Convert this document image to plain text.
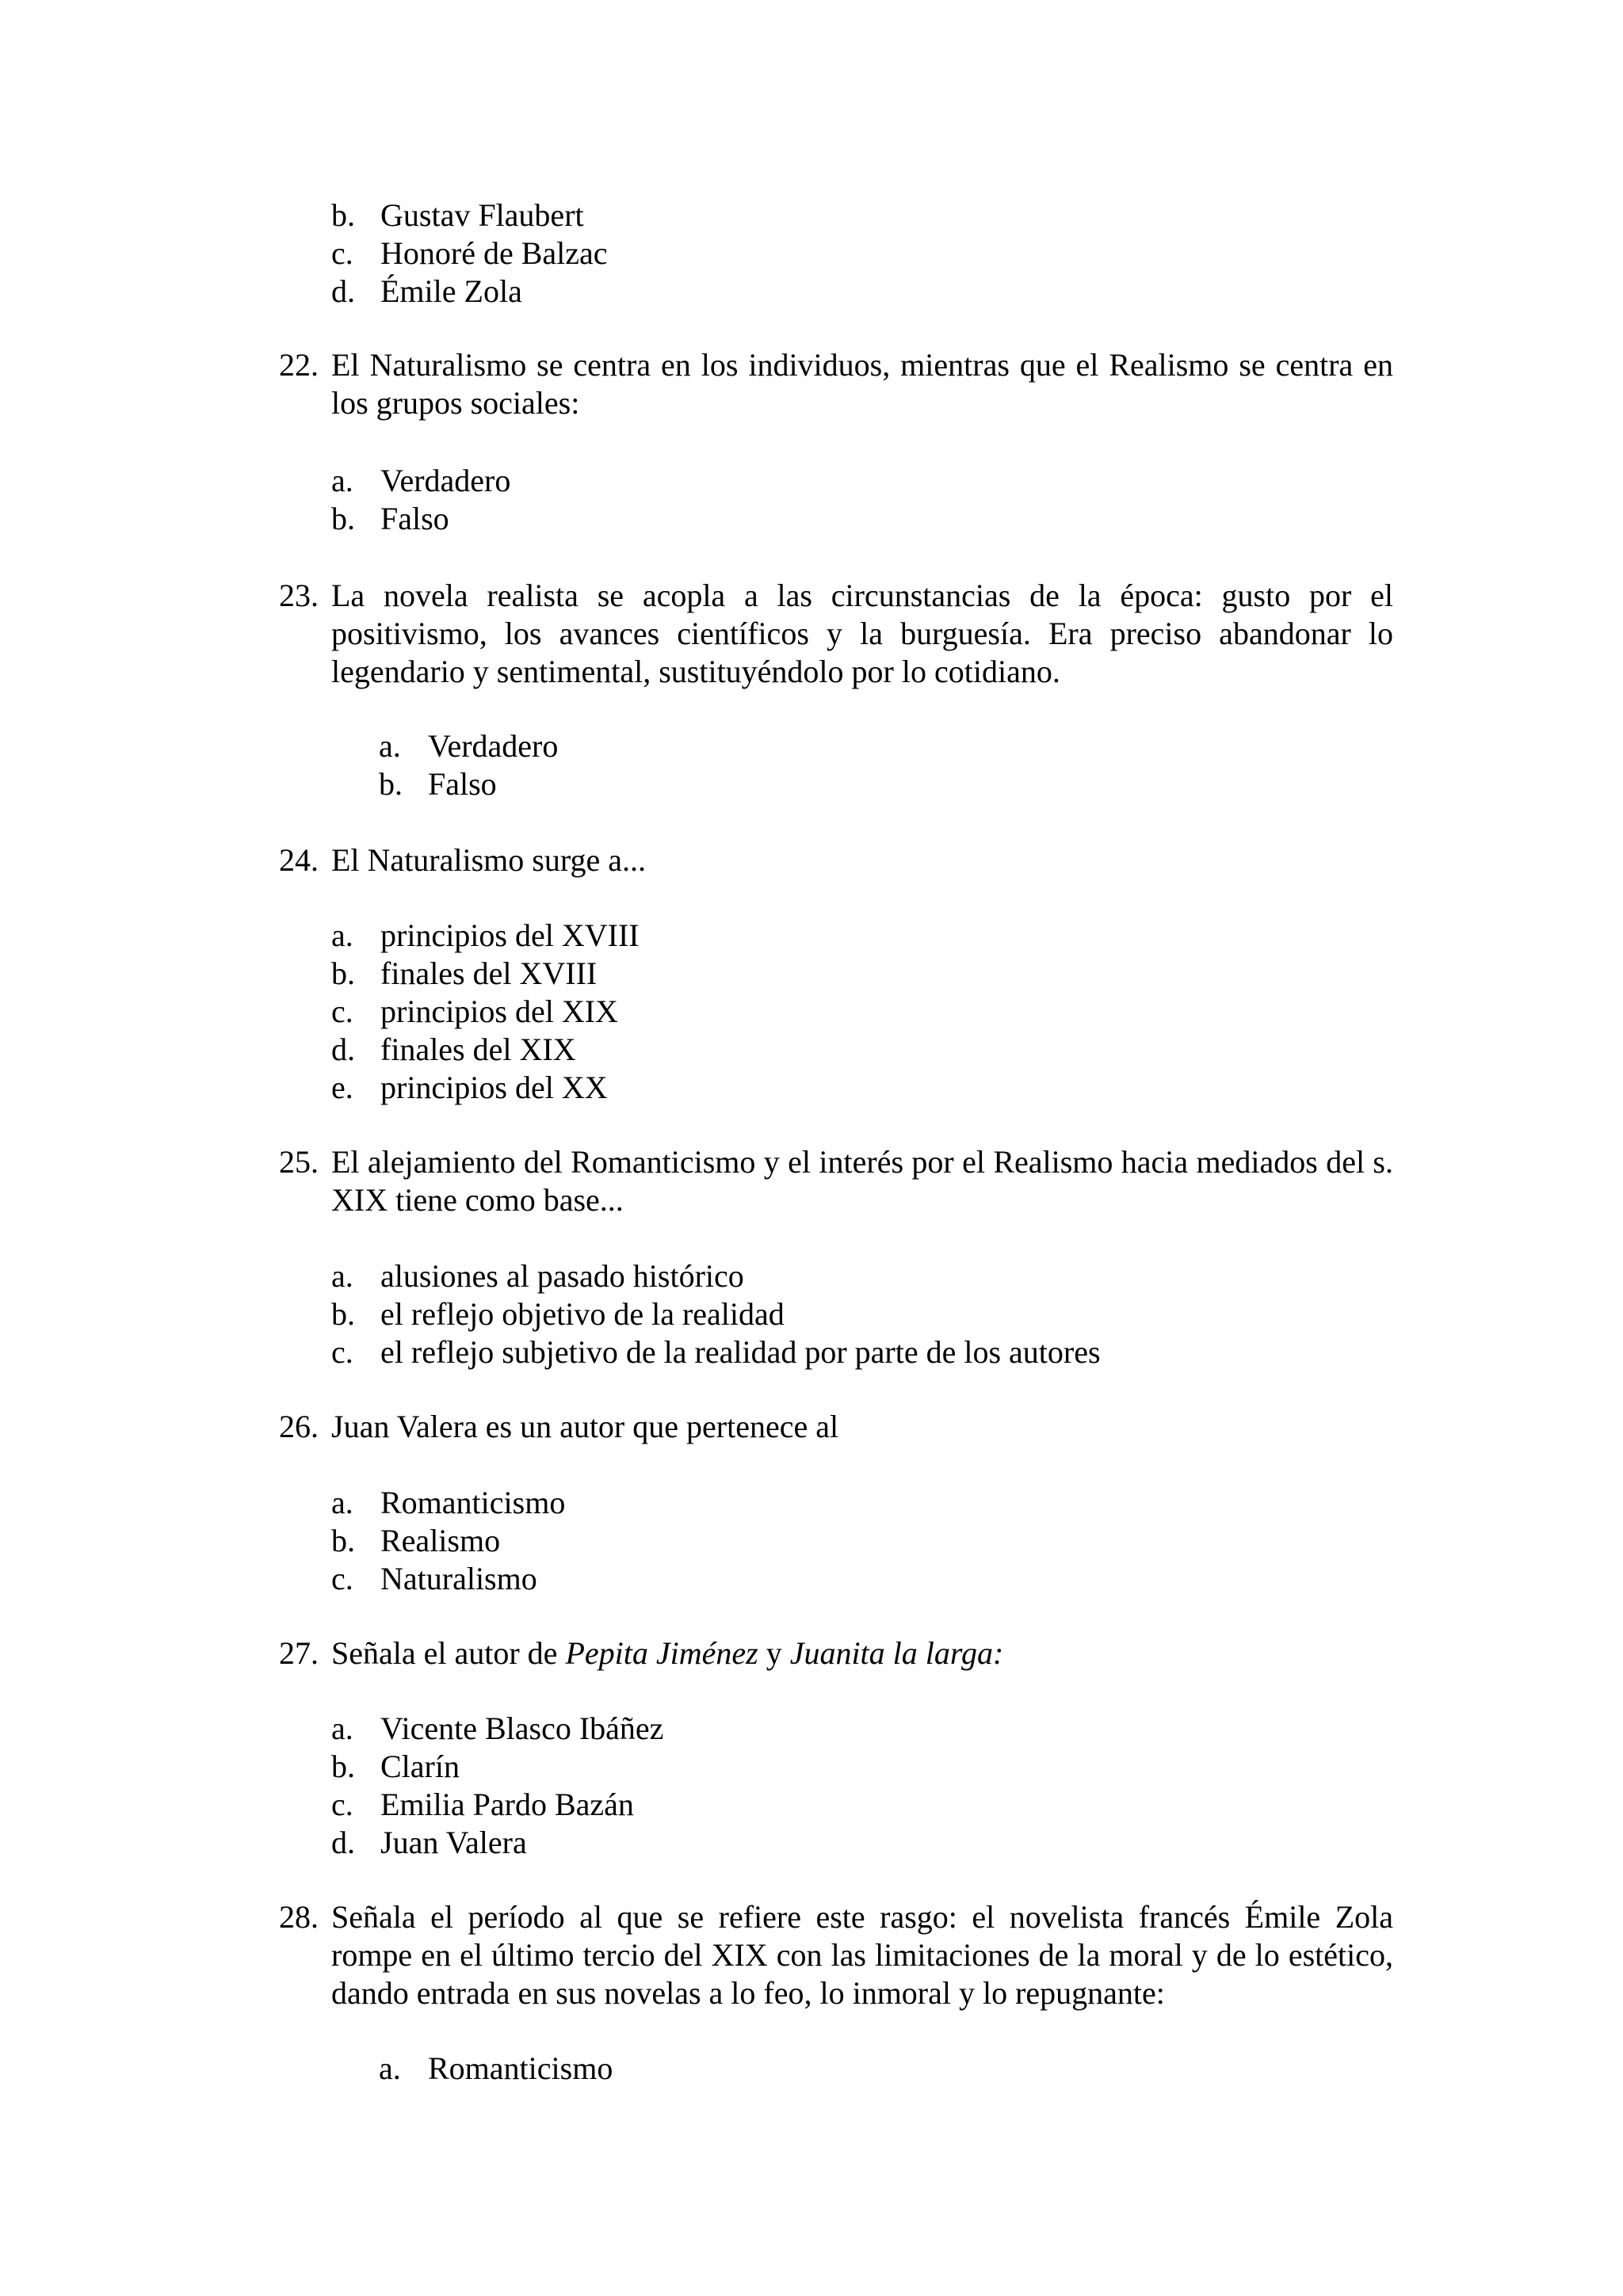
b. Gustav Flaubert
c. Honoré de Balzac
d. Émile Zola
22. El Naturalismo se centra en los individuos, mientras que el Realismo se centra en los grupos sociales:
a. Verdadero
b. Falso
23. La novela realista se acopla a las circunstancias de la época: gusto por el positivismo, los avances científicos y la burguesía. Era preciso abandonar lo legendario y sentimental, sustituyéndolo por lo cotidiano.
a. Verdadero
b. Falso
24. El Naturalismo surge a...
a. principios del XVIII
b. finales del XVIII
c. principios del XIX
d. finales del XIX
e. principios del XX
25. El alejamiento del Romanticismo y el interés por el Realismo hacia mediados del s. XIX tiene como base...
a. alusiones al pasado histórico
b. el reflejo objetivo de la realidad
c. el reflejo subjetivo de la realidad por parte de los autores
26. Juan Valera es un autor que pertenece al
a. Romanticismo
b. Realismo
c. Naturalismo
27. Señala el autor de Pepita Jiménez y Juanita la larga:
a. Vicente Blasco Ibáñez
b. Clarín
c. Emilia Pardo Bazán
d. Juan Valera
28. Señala el período al que se refiere este rasgo: el novelista francés Émile Zola rompe en el último tercio del XIX con las limitaciones de la moral y de lo estético, dando entrada en sus novelas a lo feo, lo inmoral y lo repugnante:
a. Romanticismo
